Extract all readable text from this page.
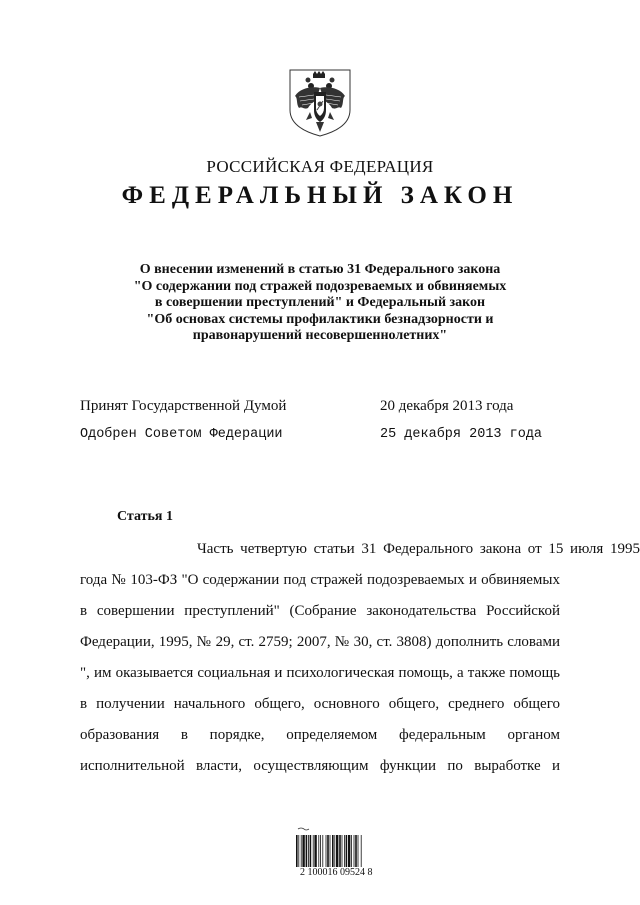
РОССИЙСКАЯ ФЕДЕРАЦИЯ
ФЕДЕРАЛЬНЫЙ ЗАКОН
О внесении изменений в статью 31 Федерального закона
"О содержании под стражей подозреваемых и обвиняемых
в совершении преступлений" и Федеральный закон
"Об основах системы профилактики безнадзорности и
правонарушений несовершеннолетних"
Принят Государственной Думой	20 декабря 2013 года
Одобрен Советом Федерации	25 декабря 2013 года
Статья 1
Часть четвертую статьи 31 Федерального закона от 15 июля 1995
года № 103-ФЗ "О содержании под стражей подозреваемых и обвиняемых
в совершении преступлений" (Собрание законодательства Российской
Федерации, 1995, № 29, ст. 2759; 2007, № 30, ст. 3808) дополнить словами
", им оказывается социальная и психологическая помощь, а также помощь
в получении начального общего, основного общего, среднего общего
образования в порядке, определяемом федеральным органом
исполнительной власти, осуществляющим функции по выработке и
2 100016 09524 8
